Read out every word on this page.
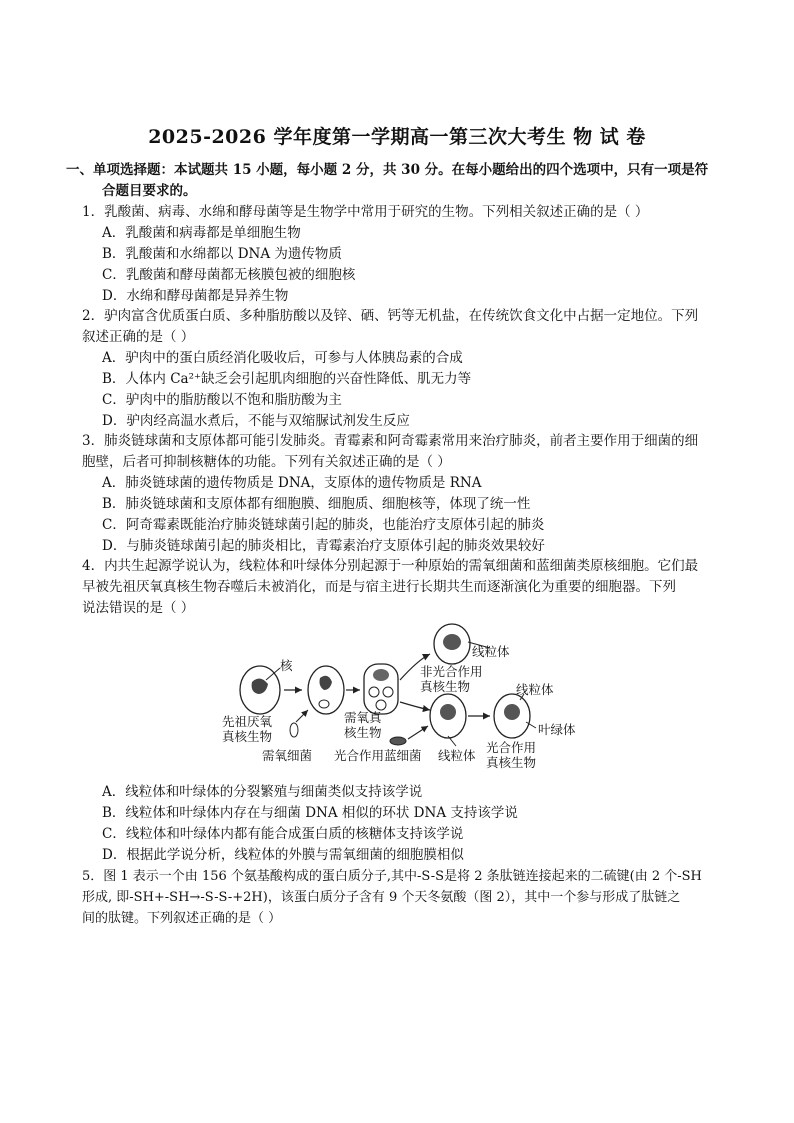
2025-2026 学年度第一学期高一第三次大考生 物 试 卷
一、单项选择题：本试题共 15 小题，每小题 2 分，共 30 分。在每小题给出的四个选项中，只有一项是符
合题目要求的。
1．乳酸菌、病毒、水绵和酵母菌等是生物学中常用于研究的生物。下列相关叙述正确的是（ ）
A．乳酸菌和病毒都是单细胞生物
B．乳酸菌和水绵都以 DNA 为遗传物质
C．乳酸菌和酵母菌都无核膜包被的细胞核
D．水绵和酵母菌都是异养生物
2．驴肉富含优质蛋白质、多种脂肪酸以及锌、硒、钙等无机盐，在传统饮食文化中占据一定地位。下列
叙述正确的是（ ）
A．驴肉中的蛋白质经消化吸收后，可参与人体胰岛素的合成
B．人体内 Ca²⁺缺乏会引起肌肉细胞的兴奋性降低、肌无力等
C．驴肉中的脂肪酸以不饱和脂肪酸为主
D．驴肉经高温水煮后，不能与双缩脲试剂发生反应
3．肺炎链球菌和支原体都可能引发肺炎。青霉素和阿奇霉素常用来治疗肺炎，前者主要作用于细菌的细
胞壁，后者可抑制核糖体的功能。下列有关叙述正确的是（ ）
A．肺炎链球菌的遗传物质是 DNA，支原体的遗传物质是 RNA
B．肺炎链球菌和支原体都有细胞膜、细胞质、细胞核等，体现了统一性
C．阿奇霉素既能治疗肺炎链球菌引起的肺炎，也能治疗支原体引起的肺炎
D．与肺炎链球菌引起的肺炎相比，青霉素治疗支原体引起的肺炎效果较好
4．内共生起源学说认为，线粒体和叶绿体分别起源于一种原始的需氧细菌和蓝细菌类原核细胞。它们最
早被先祖厌氧真核生物吞噬后未被消化，而是与宿主进行长期共生而逐渐演化为重要的细胞器。下列
说法错误的是（ ）
核
先祖厌氧
真核生物
需氧细菌
需氧真
核生物
光合作用蓝细菌
线粒体
非光合作用
真核生物
线粒体
线粒体
叶绿体
光合作用
真核生物
A．线粒体和叶绿体的分裂繁殖与细菌类似支持该学说
B．线粒体和叶绿体内存在与细菌 DNA 相似的环状 DNA 支持该学说
C．线粒体和叶绿体内都有能合成蛋白质的核糖体支持该学说
D．根据此学说分析，线粒体的外膜与需氧细菌的细胞膜相似
5．图 1 表示一个由 156 个氨基酸构成的蛋白质分子,其中-S-S是将 2 条肽链连接起来的二硫键(由 2 个-SH
形成, 即-SH+-SH→-S-S-+2H)，该蛋白质分子含有 9 个天冬氨酸（图 2），其中一个参与形成了肽链之
间的肽键。下列叙述正确的是（ ）
